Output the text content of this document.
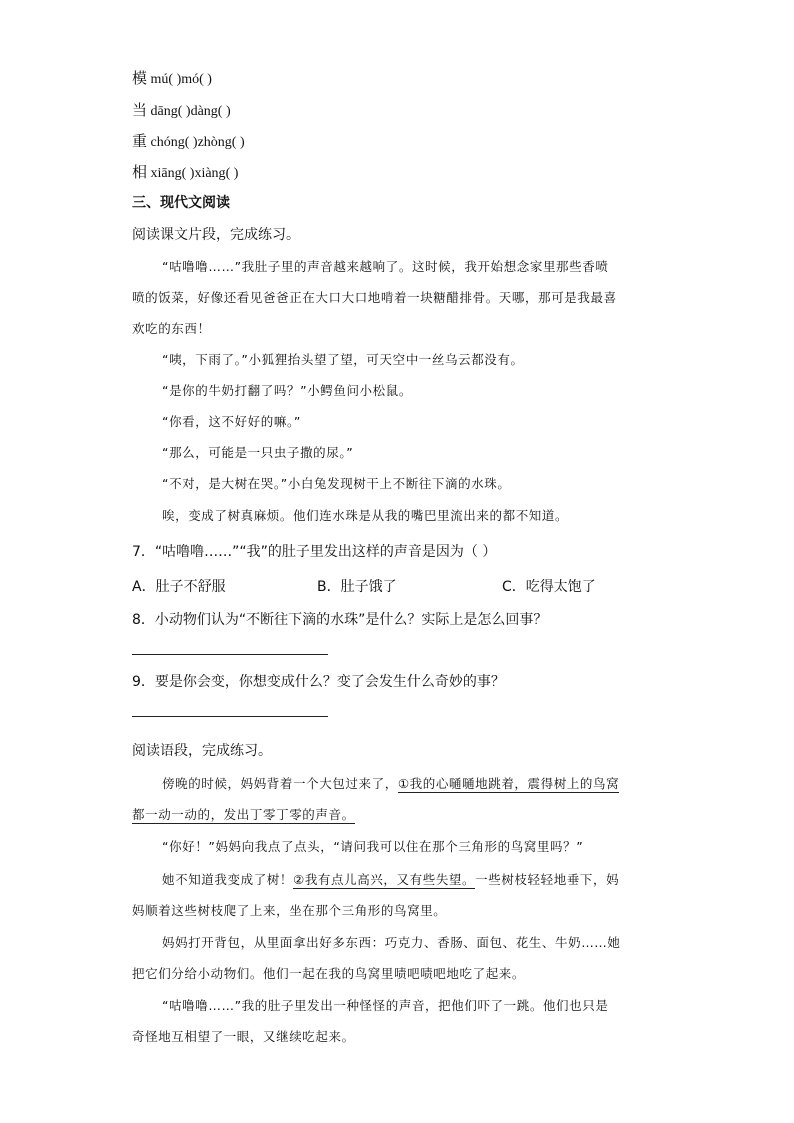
模 mú( )mó( )
当 dāng( )dàng( )
重 chóng( )zhòng( )
相 xiāng( )xiàng( )
三、现代文阅读
阅读课文片段，完成练习。
“咕噜噜……”我肚子里的声音越来越响了。这时候，我开始想念家里那些香喷
喷的饭菜，好像还看见爸爸正在大口大口地啃着一块糖醋排骨。天哪，那可是我最喜
欢吃的东西！
“咦，下雨了。”小狐狸抬头望了望，可天空中一丝乌云都没有。
“是你的牛奶打翻了吗？”小鳄鱼问小松鼠。
“你看，这不好好的嘛。”
“那么，可能是一只虫子撒的尿。”
“不对，是大树在哭。”小白兔发现树干上不断往下滴的水珠。
唉，变成了树真麻烦。他们连水珠是从我的嘴巴里流出来的都不知道。
7．“咕噜噜……”“我”的肚子里发出这样的声音是因为（ ）
A．肚子不舒服	B．肚子饿了	C．吃得太饱了
8．小动物们认为“不断往下滴的水珠”是什么？实际上是怎么回事？
9．要是你会变，你想变成什么？变了会发生什么奇妙的事？
阅读语段，完成练习。
傍晚的时候，妈妈背着一个大包过来了，①我的心嗵嗵地跳着，震得树上的鸟窝
都一动一动的，发出丁零丁零的声音。
“你好！”妈妈向我点了点头，“请问我可以住在那个三角形的鸟窝里吗？”
她不知道我变成了树！②我有点儿高兴，又有些失望。一些树枝轻轻地垂下，妈
妈顺着这些树枝爬了上来，坐在那个三角形的鸟窝里。
妈妈打开背包，从里面拿出好多东西：巧克力、香肠、面包、花生、牛奶……她
把它们分给小动物们。他们一起在我的鸟窝里啧吧啧吧地吃了起来。
“咕噜噜……”我的肚子里发出一种怪怪的声音，把他们吓了一跳。他们也只是
奇怪地互相望了一眼，又继续吃起来。
